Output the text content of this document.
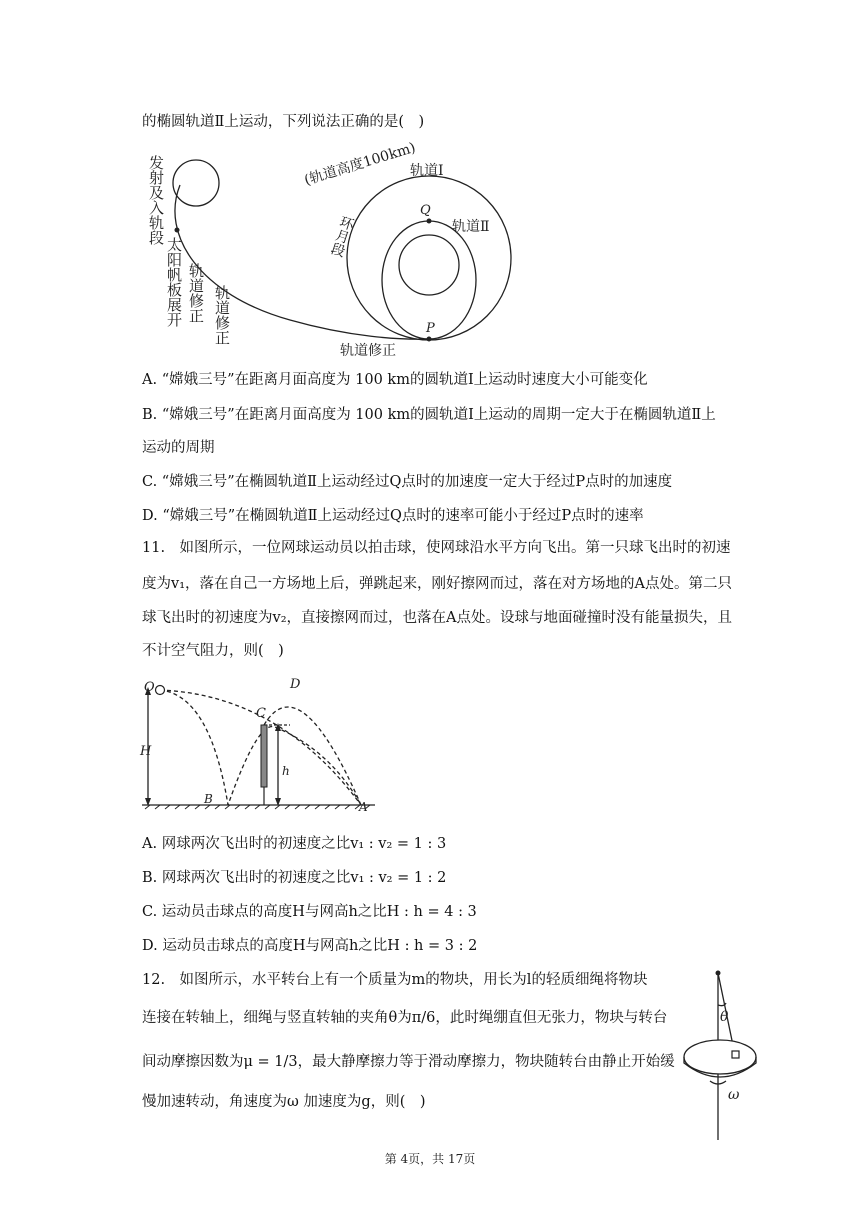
的椭圆轨道Ⅱ上运动，下列说法正确的是(　)
发射及入轨段
太阳帆板展开 轨道修正 轨道修正
(轨道高度100km)
轨道Ⅰ
轨道Ⅱ
环月段
Q
P
轨道修正
A. “嫦娥三号”在距离月面高度为 100 km的圆轨道Ⅰ上运动时速度大小可能变化
B. “嫦娥三号”在距离月面高度为 100 km的圆轨道Ⅰ上运动的周期一定大于在椭圆轨道Ⅱ上
运动的周期
C. “嫦娥三号”在椭圆轨道Ⅱ上运动经过Q点时的加速度一定大于经过P点时的加速度
D. “嫦娥三号”在椭圆轨道Ⅱ上运动经过Q点时的速率可能小于经过P点时的速率
11.　如图所示，一位网球运动员以拍击球，使网球沿水平方向飞出。第一只球飞出时的初速
度为v₁，落在自己一方场地上后，弹跳起来，刚好擦网而过，落在对方场地的A点处。第二只
球飞出时的初速度为v₂，直接擦网而过，也落在A点处。设球与地面碰撞时没有能量损失，且
不计空气阻力，则(　)
O	D
C
H
h
B
A
A. 网球两次飞出时的初速度之比v₁ : v₂ = 1 : 3
B. 网球两次飞出时的初速度之比v₁ : v₂ = 1 : 2
C. 运动员击球点的高度H与网高h之比H : h = 4 : 3
D. 运动员击球点的高度H与网高h之比H : h = 3 : 2
12.　如图所示，水平转台上有一个质量为m的物块，用长为l的轻质细绳将物块
连接在转轴上，细绳与竖直转轴的夹角θ为π/6，此时绳绷直但无张力，物块与转台
间动摩擦因数为μ = 1/3，最大静摩擦力等于滑动摩擦力，物块随转台由静止开始缓
慢加速转动，角速度为ω 加速度为g，则(　)
θ
ω
第 4页，共 17页
